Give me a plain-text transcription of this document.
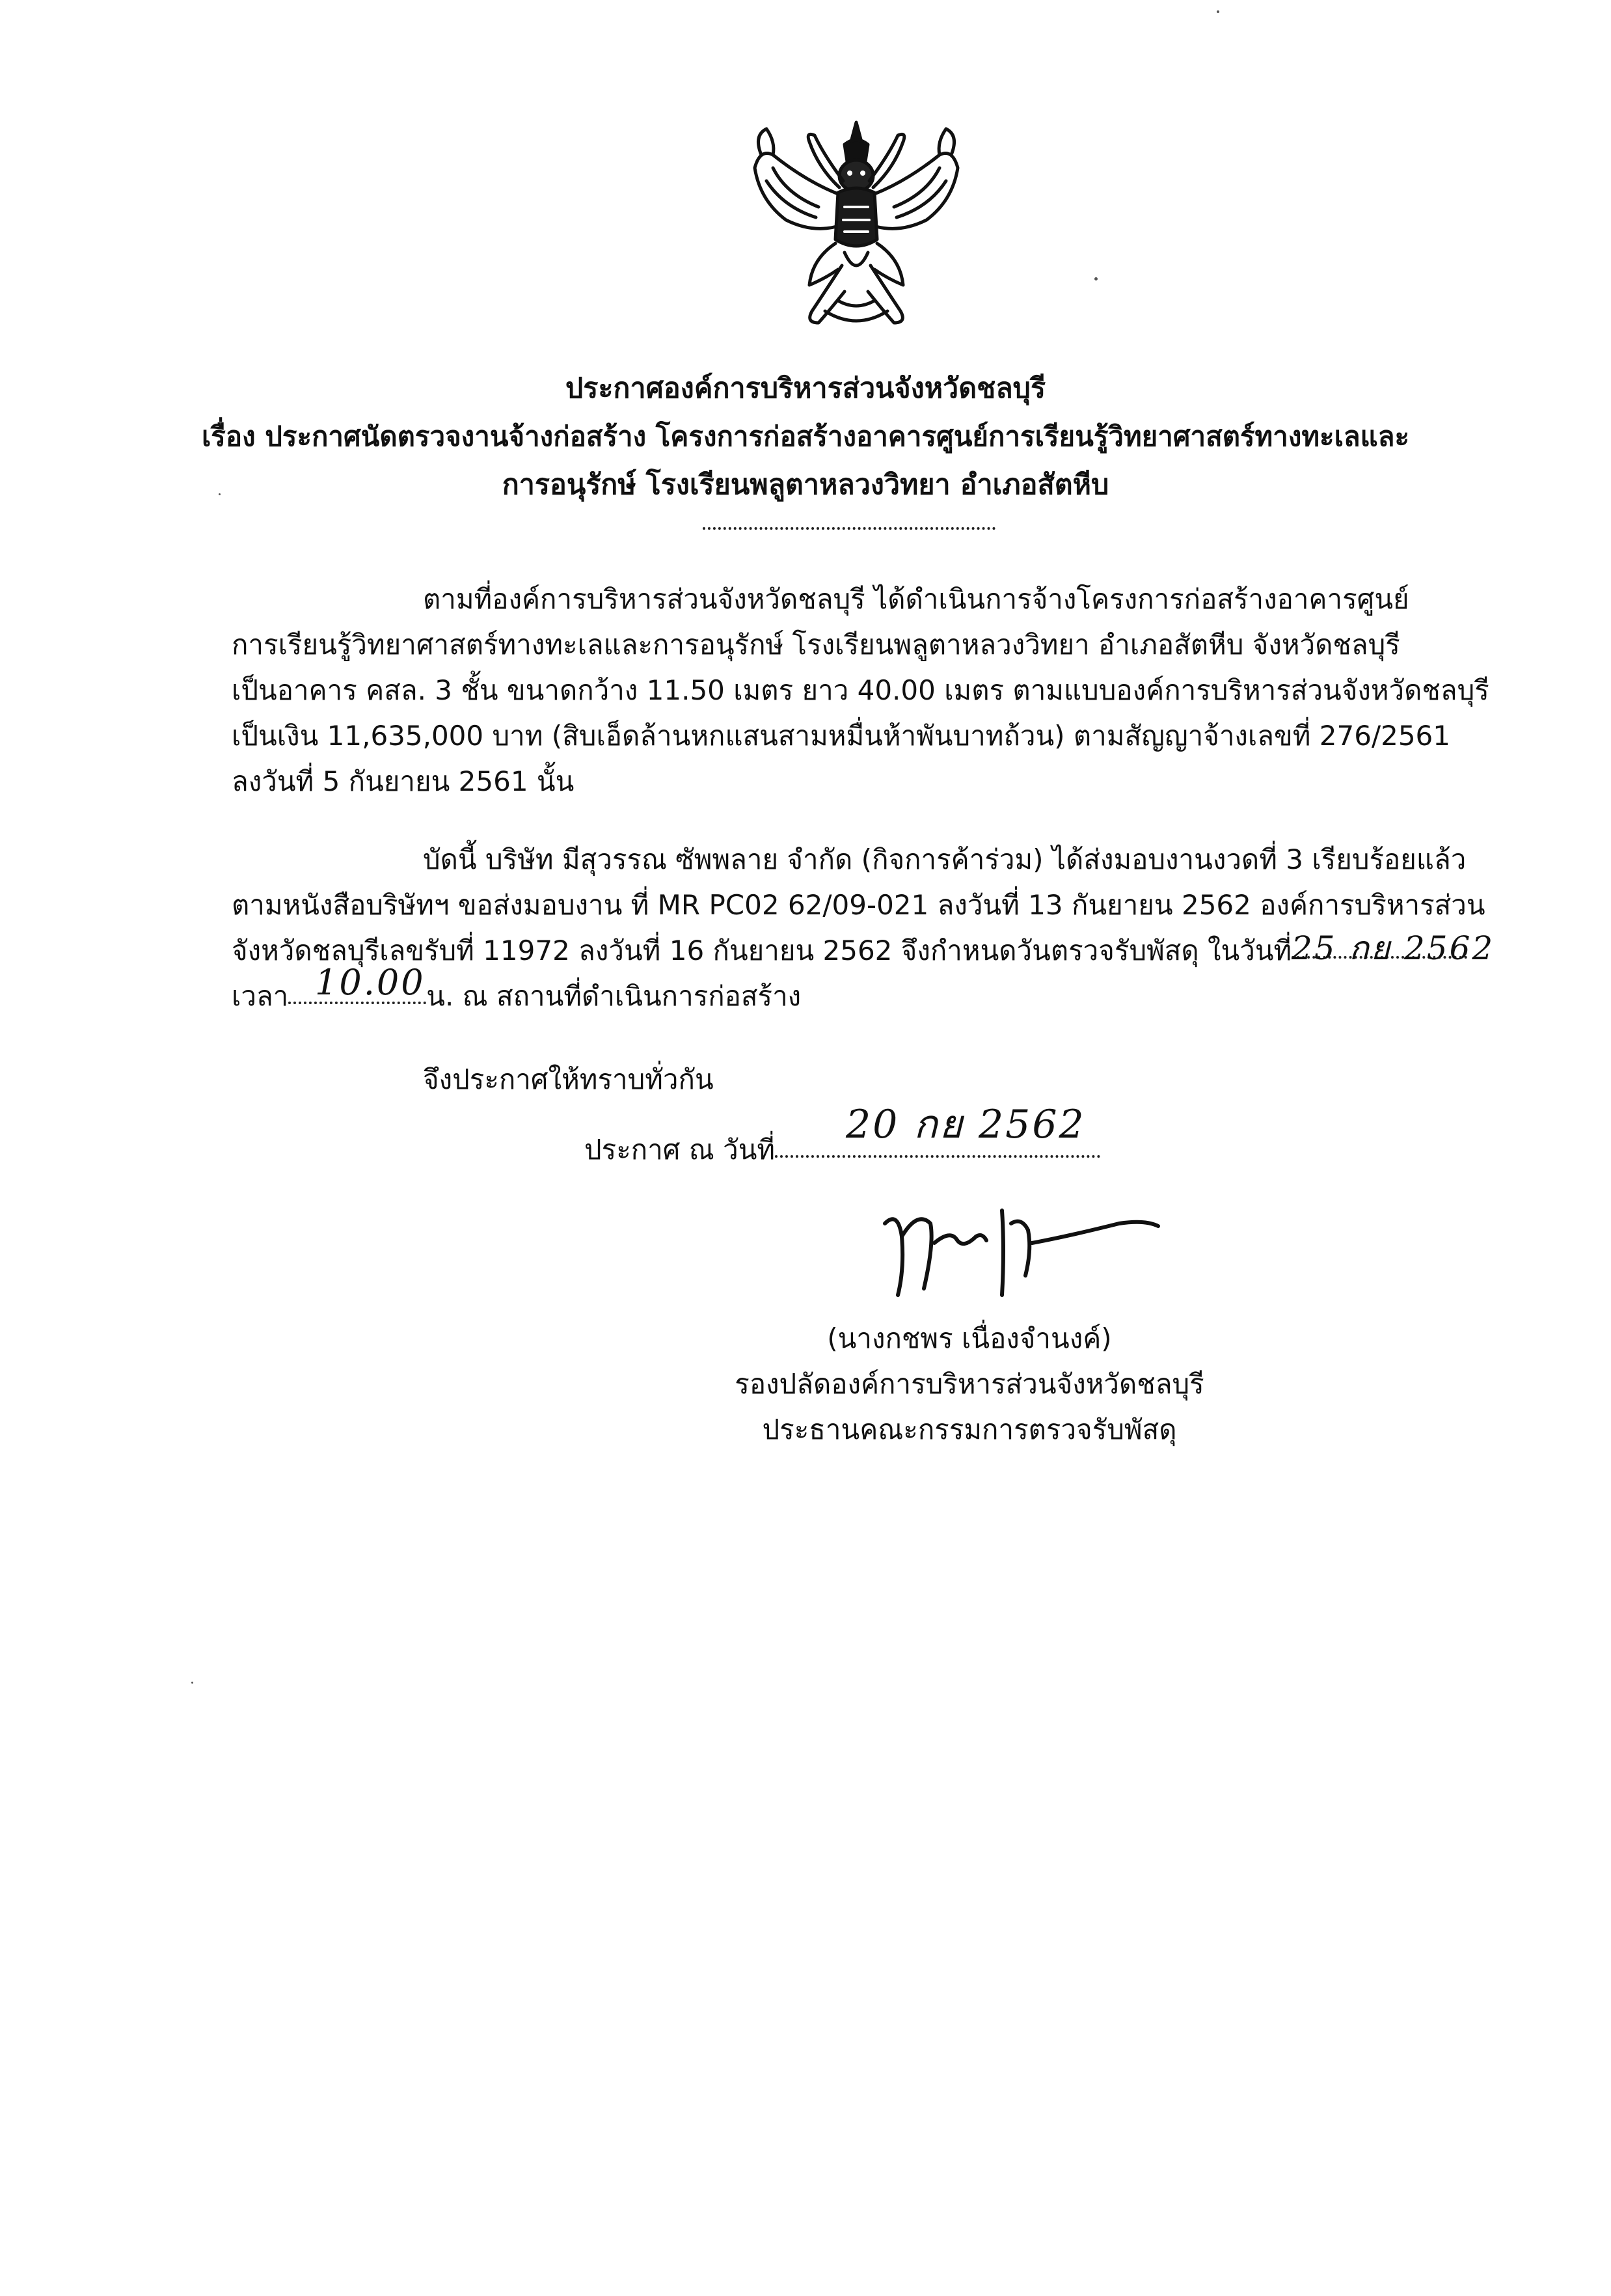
ประกาศองค์การบริหารส่วนจังหวัดชลบุรี
เรื่อง ประกาศนัดตรวจงานจ้างก่อสร้าง โครงการก่อสร้างอาคารศูนย์การเรียนรู้วิทยาศาสตร์ทางทะเลและ
การอนุรักษ์ โรงเรียนพลูตาหลวงวิทยา อำเภอสัตหีบ
ตามที่องค์การบริหารส่วนจังหวัดชลบุรี ได้ดำเนินการจ้างโครงการก่อสร้างอาคารศูนย์
การเรียนรู้วิทยาศาสตร์ทางทะเลและการอนุรักษ์ โรงเรียนพลูตาหลวงวิทยา อำเภอสัตหีบ จังหวัดชลบุรี
เป็นอาคาร คสล. 3 ชั้น ขนาดกว้าง 11.50 เมตร ยาว 40.00 เมตร ตามแบบองค์การบริหารส่วนจังหวัดชลบุรี
เป็นเงิน 11,635,000 บาท (สิบเอ็ดล้านหกแสนสามหมื่นห้าพันบาทถ้วน) ตามสัญญาจ้างเลขที่ 276/2561
ลงวันที่ 5 กันยายน 2561 นั้น
บัดนี้ บริษัท มีสุวรรณ ซัพพลาย จำกัด (กิจการค้าร่วม) ได้ส่งมอบงานงวดที่ 3 เรียบร้อยแล้ว
ตามหนังสือบริษัทฯ ขอส่งมอบงาน ที่ MR PC02 62/09-021 ลงวันที่ 13 กันยายน 2562 องค์การบริหารส่วน
จังหวัดชลบุรีเลขรับที่ 11972 ลงวันที่ 16 กันยายน 2562 จึงกำหนดวันตรวจรับพัสดุ ในวันที่ 25 กย 2562
เวลา	น. ณ สถานที่ดำเนินการก่อสร้าง
10.00
จึงประกาศให้ทราบทั่วกัน
ประกาศ ณ วันที่
20 กย 2562
(นางกชพร เนื่องจำนงค์)
รองปลัดองค์การบริหารส่วนจังหวัดชลบุรี
ประธานคณะกรรมการตรวจรับพัสดุ
